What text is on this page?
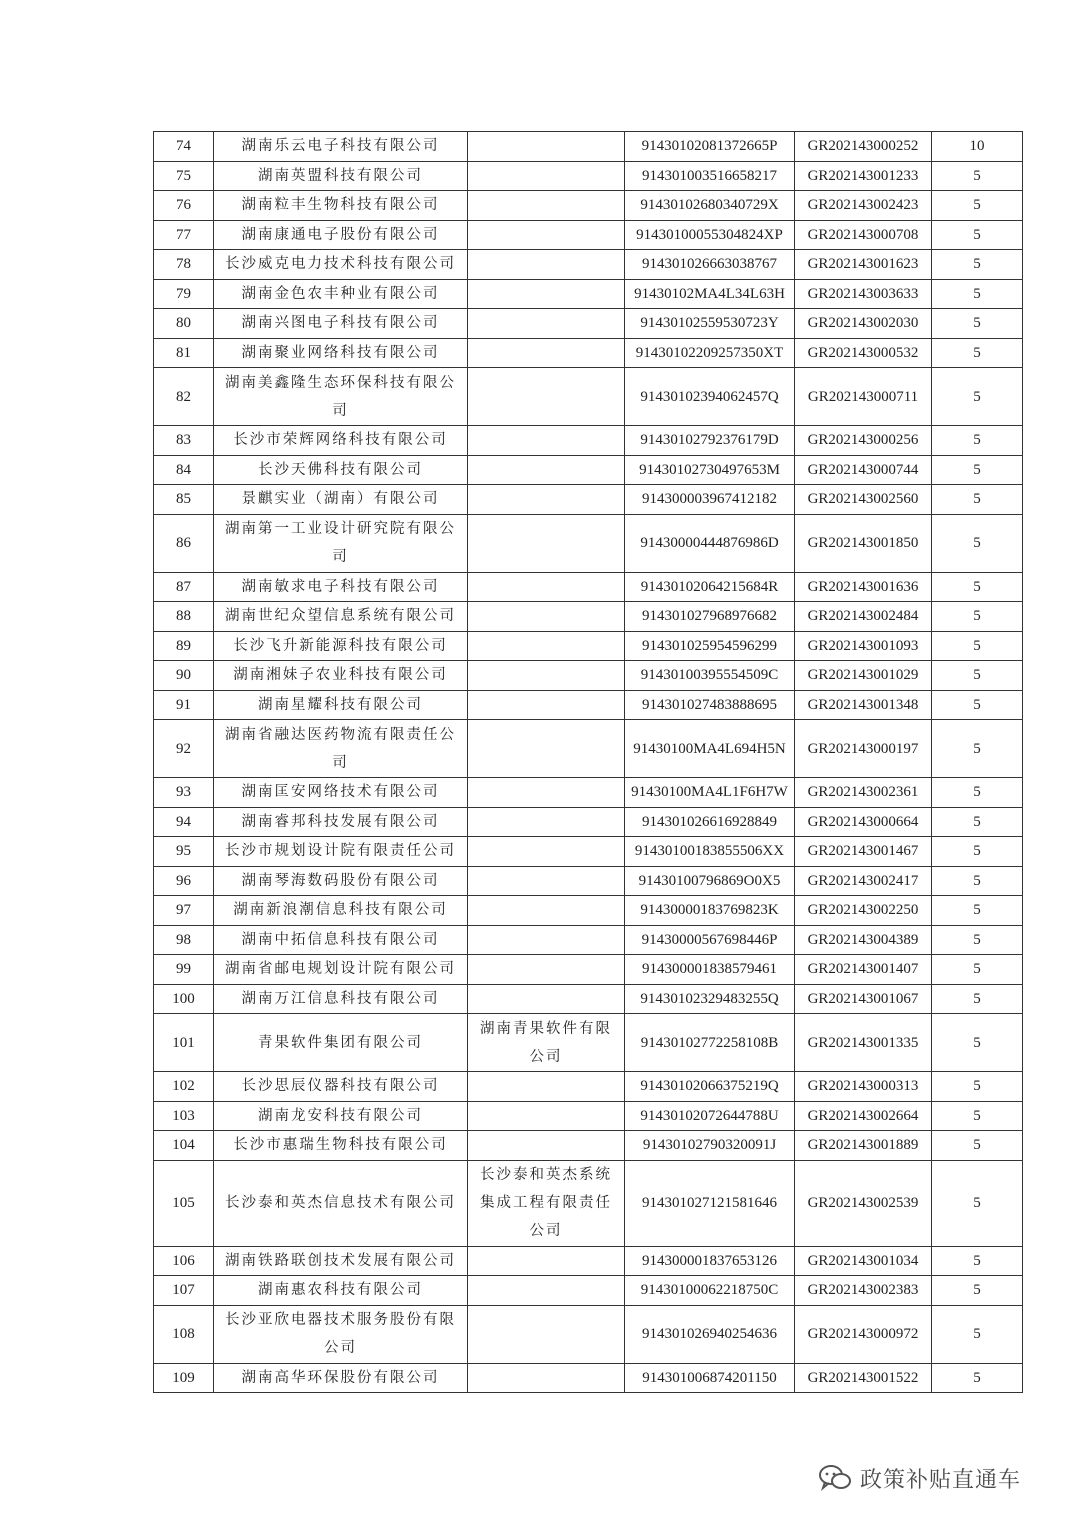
74	湖南乐云电子科技有限公司		91430102081372665P	GR202143000252	10
75	湖南英盟科技有限公司		914301003516658217	GR202143001233	5
76	湖南粒丰生物科技有限公司		91430102680340729X	GR202143002423	5
77	湖南康通电子股份有限公司		91430100055304824XP	GR202143000708	5
78	长沙威克电力技术科技有限公司		914301026663038767	GR202143001623	5
79	湖南金色农丰种业有限公司		91430102MA4L34L63H	GR202143003633	5
80	湖南兴图电子科技有限公司		91430102559530723Y	GR202143002030	5
81	湖南聚业网络科技有限公司		91430102209257350XT	GR202143000532	5
82	湖南美鑫隆生态环保科技有限公司		91430102394062457Q	GR202143000711	5
83	长沙市荣辉网络科技有限公司		91430102792376179D	GR202143000256	5
84	长沙天佛科技有限公司		91430102730497653M	GR202143000744	5
85	景麒实业（湖南）有限公司		914300003967412182	GR202143002560	5
86	湖南第一工业设计研究院有限公司		91430000444876986D	GR202143001850	5
87	湖南敏求电子科技有限公司		91430102064215684R	GR202143001636	5
88	湖南世纪众望信息系统有限公司		914301027968976682	GR202143002484	5
89	长沙飞升新能源科技有限公司		914301025954596299	GR202143001093	5
90	湖南湘妹子农业科技有限公司		91430100395554509C	GR202143001029	5
91	湖南星耀科技有限公司		914301027483888695	GR202143001348	5
92	湖南省融达医药物流有限责任公司		91430100MA4L694H5N	GR202143000197	5
93	湖南匡安网络技术有限公司		91430100MA4L1F6H7W	GR202143002361	5
94	湖南睿邦科技发展有限公司		914301026616928849	GR202143000664	5
95	长沙市规划设计院有限责任公司		91430100183855506XX	GR202143001467	5
96	湖南琴海数码股份有限公司		91430100796869O0X5	GR202143002417	5
97	湖南新浪潮信息科技有限公司		91430000183769823K	GR202143002250	5
98	湖南中拓信息科技有限公司		91430000567698446P	GR202143004389	5
99	湖南省邮电规划设计院有限公司		914300001838579461	GR202143001407	5
100	湖南万江信息科技有限公司		91430102329483255Q	GR202143001067	5
101	青果软件集团有限公司	湖南青果软件有限公司	91430102772258108B	GR202143001335	5
102	长沙思辰仪器科技有限公司		91430102066375219Q	GR202143000313	5
103	湖南龙安科技有限公司		91430102072644788U	GR202143002664	5
104	长沙市惠瑞生物科技有限公司		91430102790320091J	GR202143001889	5
105	长沙泰和英杰信息技术有限公司	长沙泰和英杰系统集成工程有限责任公司	914301027121581646	GR202143002539	5
106	湖南铁路联创技术发展有限公司		914300001837653126	GR202143001034	5
107	湖南惠农科技有限公司		91430100062218750C	GR202143002383	5
108	长沙亚欣电器技术服务股份有限公司		914301026940254636	GR202143000972	5
109	湖南高华环保股份有限公司		914301006874201150	GR202143001522	5
政策补贴直通车
